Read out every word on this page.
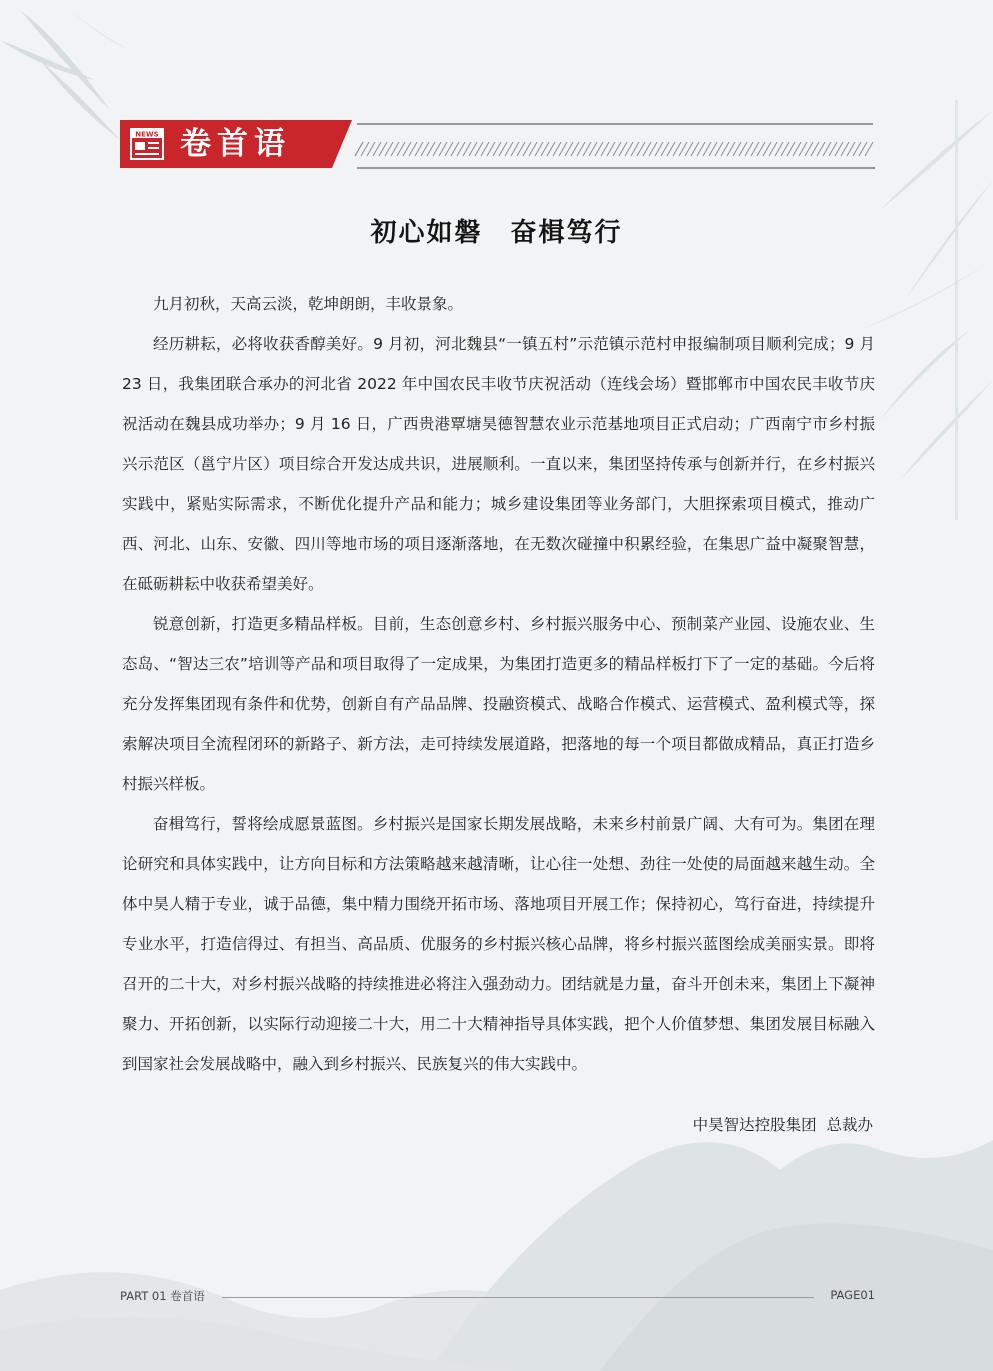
NEWS 卷首语
初心如磐　奋楫笃行

九月初秋，天高云淡，乾坤朗朗，丰收景象。

经历耕耘，必将收获香醇美好。9 月初，河北魏县“一镇五村”示范镇示范村申报编制项目顺利完成；9 月 23 日，我集团联合承办的河北省 2022 年中国农民丰收节庆祝活动（连线会场）暨邯郸市中国农民丰收节庆祝活动在魏县成功举办；9 月 16 日，广西贵港覃塘昊德智慧农业示范基地项目正式启动；广西南宁市乡村振兴示范区（邕宁片区）项目综合开发达成共识，进展顺利。一直以来，集团坚持传承与创新并行，在乡村振兴实践中，紧贴实际需求，不断优化提升产品和能力；城乡建设集团等业务部门，大胆探索项目模式，推动广西、河北、山东、安徽、四川等地市场的项目逐渐落地，在无数次碰撞中积累经验，在集思广益中凝聚智慧，在砥砺耕耘中收获希望美好。

锐意创新，打造更多精品样板。目前，生态创意乡村、乡村振兴服务中心、预制菜产业园、设施农业、生态岛、“智达三农”培训等产品和项目取得了一定成果，为集团打造更多的精品样板打下了一定的基础。今后将充分发挥集团现有条件和优势，创新自有产品品牌、投融资模式、战略合作模式、运营模式、盈利模式等，探索解决项目全流程闭环的新路子、新方法，走可持续发展道路，把落地的每一个项目都做成精品，真正打造乡村振兴样板。

奋楫笃行，誓将绘成愿景蓝图。乡村振兴是国家长期发展战略，未来乡村前景广阔、大有可为。集团在理论研究和具体实践中，让方向目标和方法策略越来越清晰，让心往一处想、劲往一处使的局面越来越生动。全体中昊人精于专业，诚于品德，集中精力围绕开拓市场、落地项目开展工作；保持初心，笃行奋进，持续提升专业水平，打造信得过、有担当、高品质、优服务的乡村振兴核心品牌，将乡村振兴蓝图绘成美丽实景。即将召开的二十大，对乡村振兴战略的持续推进必将注入强劲动力。团结就是力量，奋斗开创未来，集团上下凝神聚力、开拓创新，以实际行动迎接二十大，用二十大精神指导具体实践，把个人价值梦想、集团发展目标融入到国家社会发展战略中，融入到乡村振兴、民族复兴的伟大实践中。

中昊智达控股集团  总裁办
PART 01 卷首语	PAGE01
